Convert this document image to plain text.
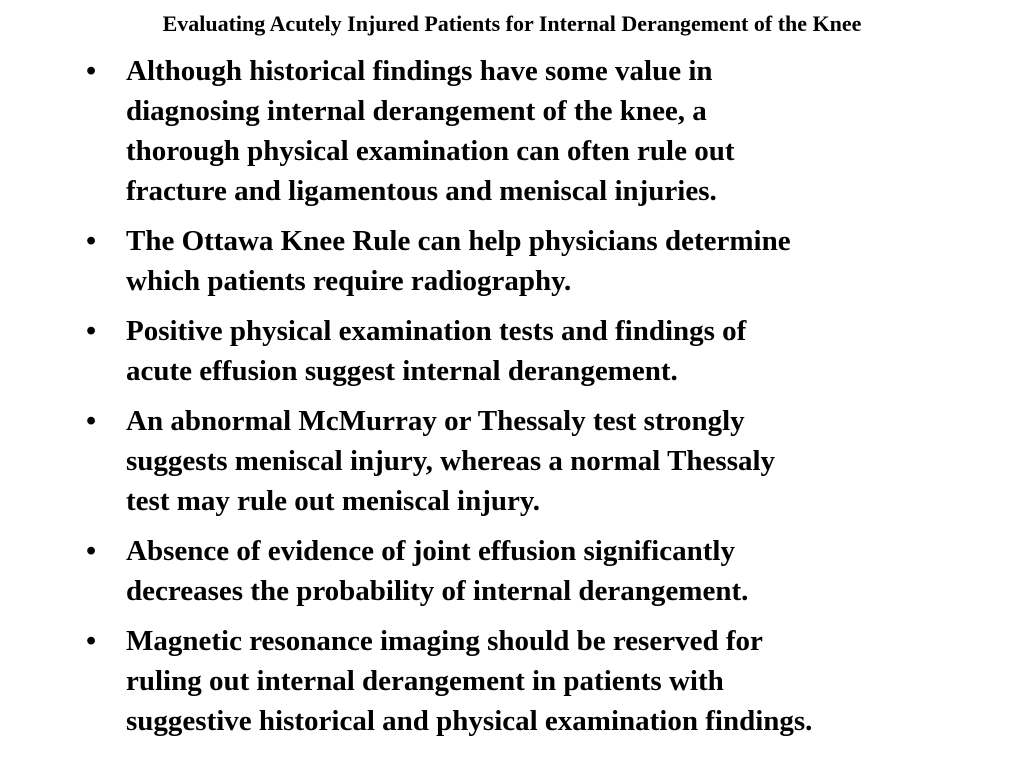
Evaluating Acutely Injured Patients for Internal Derangement of the Knee
•	Although historical findings have some value in
diagnosing internal derangement of the knee, a
thorough physical examination can often rule out
fracture and ligamentous and meniscal injuries.
•	The Ottawa Knee Rule can help physicians determine
which patients require radiography.
•	Positive physical examination tests and findings of
acute effusion suggest internal derangement.
•	An abnormal McMurray or Thessaly test strongly
suggests meniscal injury, whereas a normal Thessaly
test may rule out meniscal injury.
•	Absence of evidence of joint effusion significantly
decreases the probability of internal derangement.
•	Magnetic resonance imaging should be reserved for
ruling out internal derangement in patients with
suggestive historical and physical examination findings.
